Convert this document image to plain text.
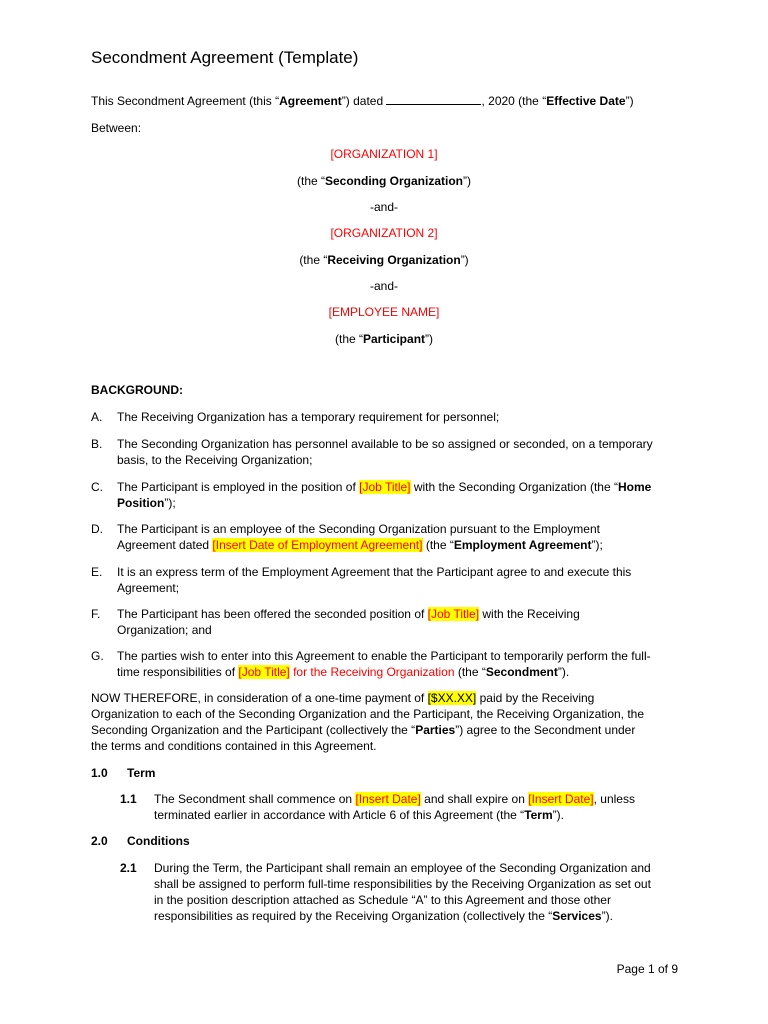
Secondment Agreement (Template)
This Secondment Agreement (this “Agreement”) dated	, 2020 (the “Effective Date”)
Between:
[ORGANIZATION 1]
(the “Seconding Organization”)
-and-
[ORGANIZATION 2]
(the “Receiving Organization”)
-and-
[EMPLOYEE NAME]
(the “Participant”)
BACKGROUND:
A. The Receiving Organization has a temporary requirement for personnel;
B. The Seconding Organization has personnel available to be so assigned or seconded, on a temporary
basis, to the Receiving Organization;
C. The Participant is employed in the position of [Job Title] with the Seconding Organization (the “Home
Position”);
D. The Participant is an employee of the Seconding Organization pursuant to the Employment
Agreement dated [Insert Date of Employment Agreement] (the “Employment Agreement”);
E. It is an express term of the Employment Agreement that the Participant agree to and execute this
Agreement;
F. The Participant has been offered the seconded position of [Job Title] with the Receiving
Organization; and
G. The parties wish to enter into this Agreement to enable the Participant to temporarily perform the full-
time responsibilities of [Job Title] for the Receiving Organization (the “Secondment”).
NOW THEREFORE, in consideration of a one-time payment of [$XX.XX] paid by the Receiving
Organization to each of the Seconding Organization and the Participant, the Receiving Organization, the
Seconding Organization and the Participant (collectively the “Parties”) agree to the Secondment under
the terms and conditions contained in this Agreement.
1.0 Term
1.1 The Secondment shall commence on [Insert Date] and shall expire on [Insert Date], unless
terminated earlier in accordance with Article 6 of this Agreement (the “Term”).
2.0 Conditions
2.1 During the Term, the Participant shall remain an employee of the Seconding Organization and
shall be assigned to perform full-time responsibilities by the Receiving Organization as set out
in the position description attached as Schedule “A” to this Agreement and those other
responsibilities as required by the Receiving Organization (collectively the “Services”).
Page 1 of 9
